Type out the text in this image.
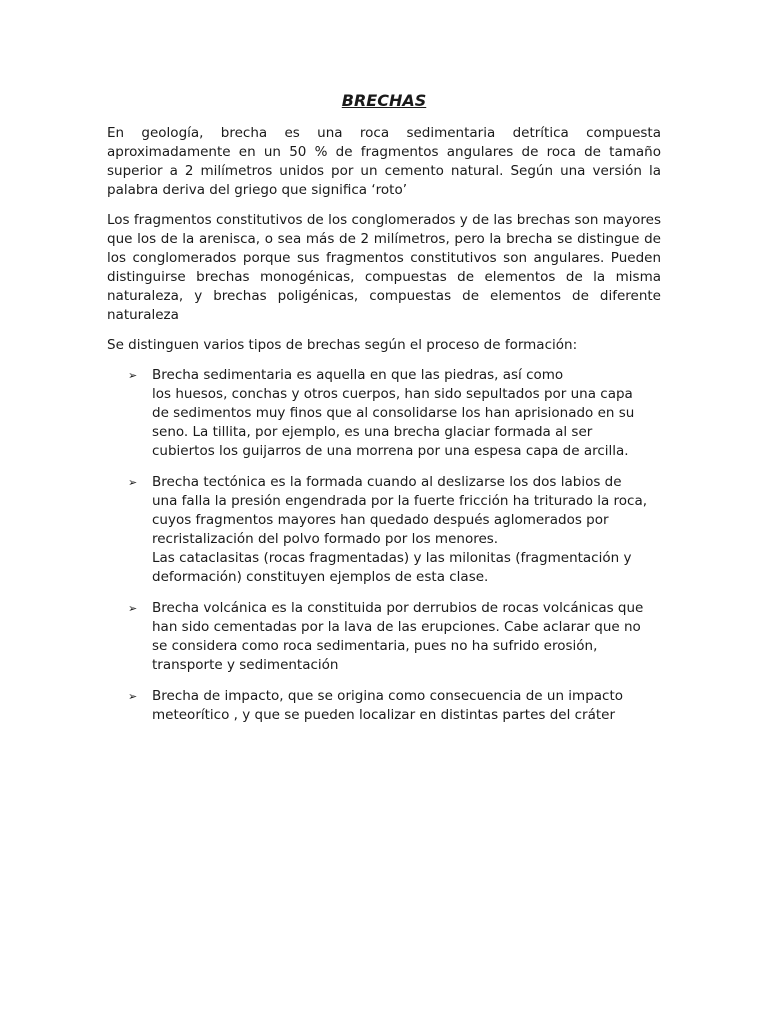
BRECHAS

En geología, brecha es una roca sedimentaria detrítica compuesta aproximadamente en un 50 % de fragmentos angulares de roca de tamaño superior a 2 milímetros unidos por un cemento natural. Según una versión la palabra deriva del griego que significa ‘roto’

Los fragmentos constitutivos de los conglomerados y de las brechas son mayores que los de la arenisca, o sea más de 2 milímetros, pero la brecha se distingue de los conglomerados porque sus fragmentos constitutivos son angulares. Pueden distinguirse brechas monogénicas, compuestas de elementos de la misma naturaleza, y brechas poligénicas, compuestas de elementos de diferente naturaleza

Se distinguen varios tipos de brechas según el proceso de formación:

➢ Brecha sedimentaria es aquella en que las piedras, así como
los huesos, conchas y otros cuerpos, han sido sepultados por una capa
de sedimentos muy finos que al consolidarse los han aprisionado en su
seno. La tillita, por ejemplo, es una brecha glaciar formada al ser
cubiertos los guijarros de una morrena por una espesa capa de arcilla.
➢ Brecha tectónica es la formada cuando al deslizarse los dos labios de
una falla la presión engendrada por la fuerte fricción ha triturado la roca,
cuyos fragmentos mayores han quedado después aglomerados por
recristalización del polvo formado por los menores.
Las cataclasitas (rocas fragmentadas) y las milonitas (fragmentación y
deformación) constituyen ejemplos de esta clase.
➢ Brecha volcánica es la constituida por derrubios de rocas volcánicas que
han sido cementadas por la lava de las erupciones. Cabe aclarar que no
se considera como roca sedimentaria, pues no ha sufrido erosión,
transporte y sedimentación
➢ Brecha de impacto, que se origina como consecuencia de un impacto
meteorítico , y que se pueden localizar en distintas partes del cráter
